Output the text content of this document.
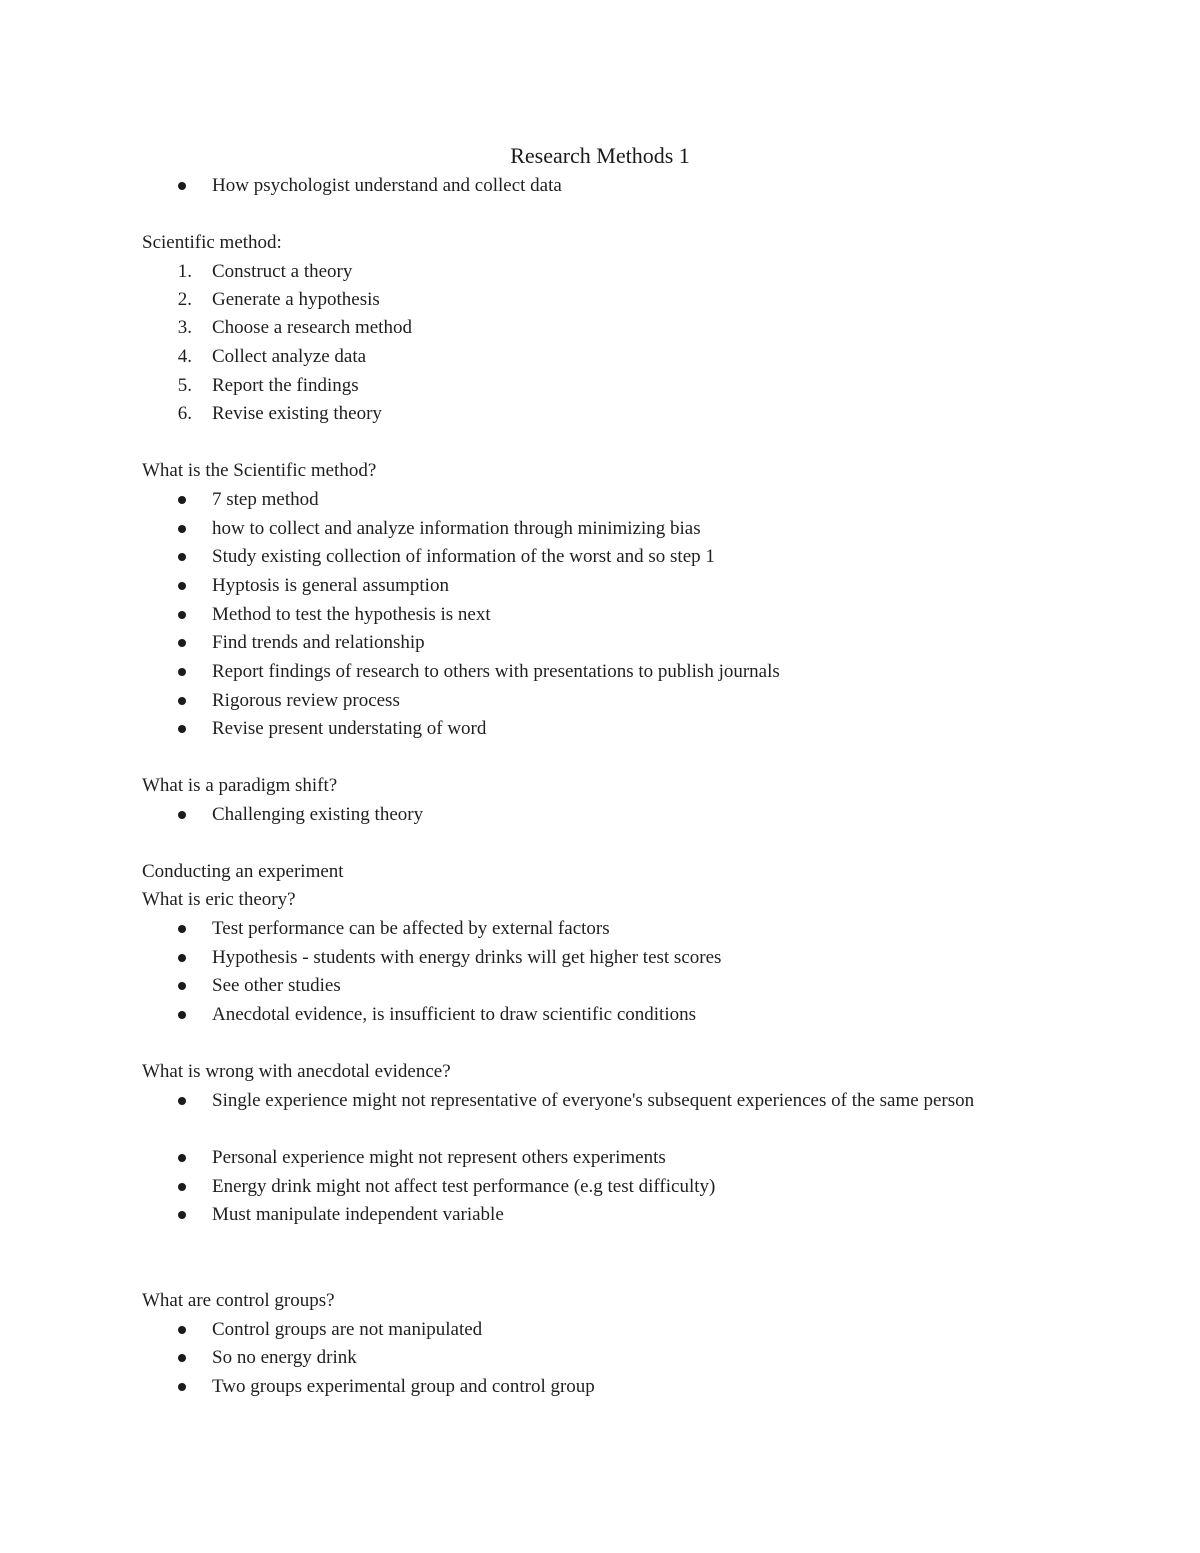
Research Methods 1
How psychologist understand and collect data
Scientific method:
1. Construct a theory
2. Generate a hypothesis
3. Choose a research method
4. Collect analyze data
5. Report the findings
6. Revise existing theory
What is the Scientific method?
7 step method
how to collect and analyze information through minimizing bias
Study existing collection of information of the worst and so step 1
Hyptosis is general assumption
Method to test the hypothesis is next
Find trends and relationship
Report findings of research to others with presentations to publish journals
Rigorous review process
Revise present understating of word
What is a paradigm shift?
Challenging existing theory
Conducting an experiment
What is eric theory?
Test performance can be affected by external factors
Hypothesis - students with energy drinks will get higher test scores
See other studies
Anecdotal evidence, is insufficient to draw scientific conditions
What is wrong with anecdotal evidence?
Single experience might not representative of everyone's subsequent experiences of the same person
Personal experience might not represent others experiments
Energy drink might not affect test performance (e.g test difficulty)
Must manipulate independent variable
What are control groups?
Control groups are not manipulated
So no energy drink
Two groups experimental group and control group
